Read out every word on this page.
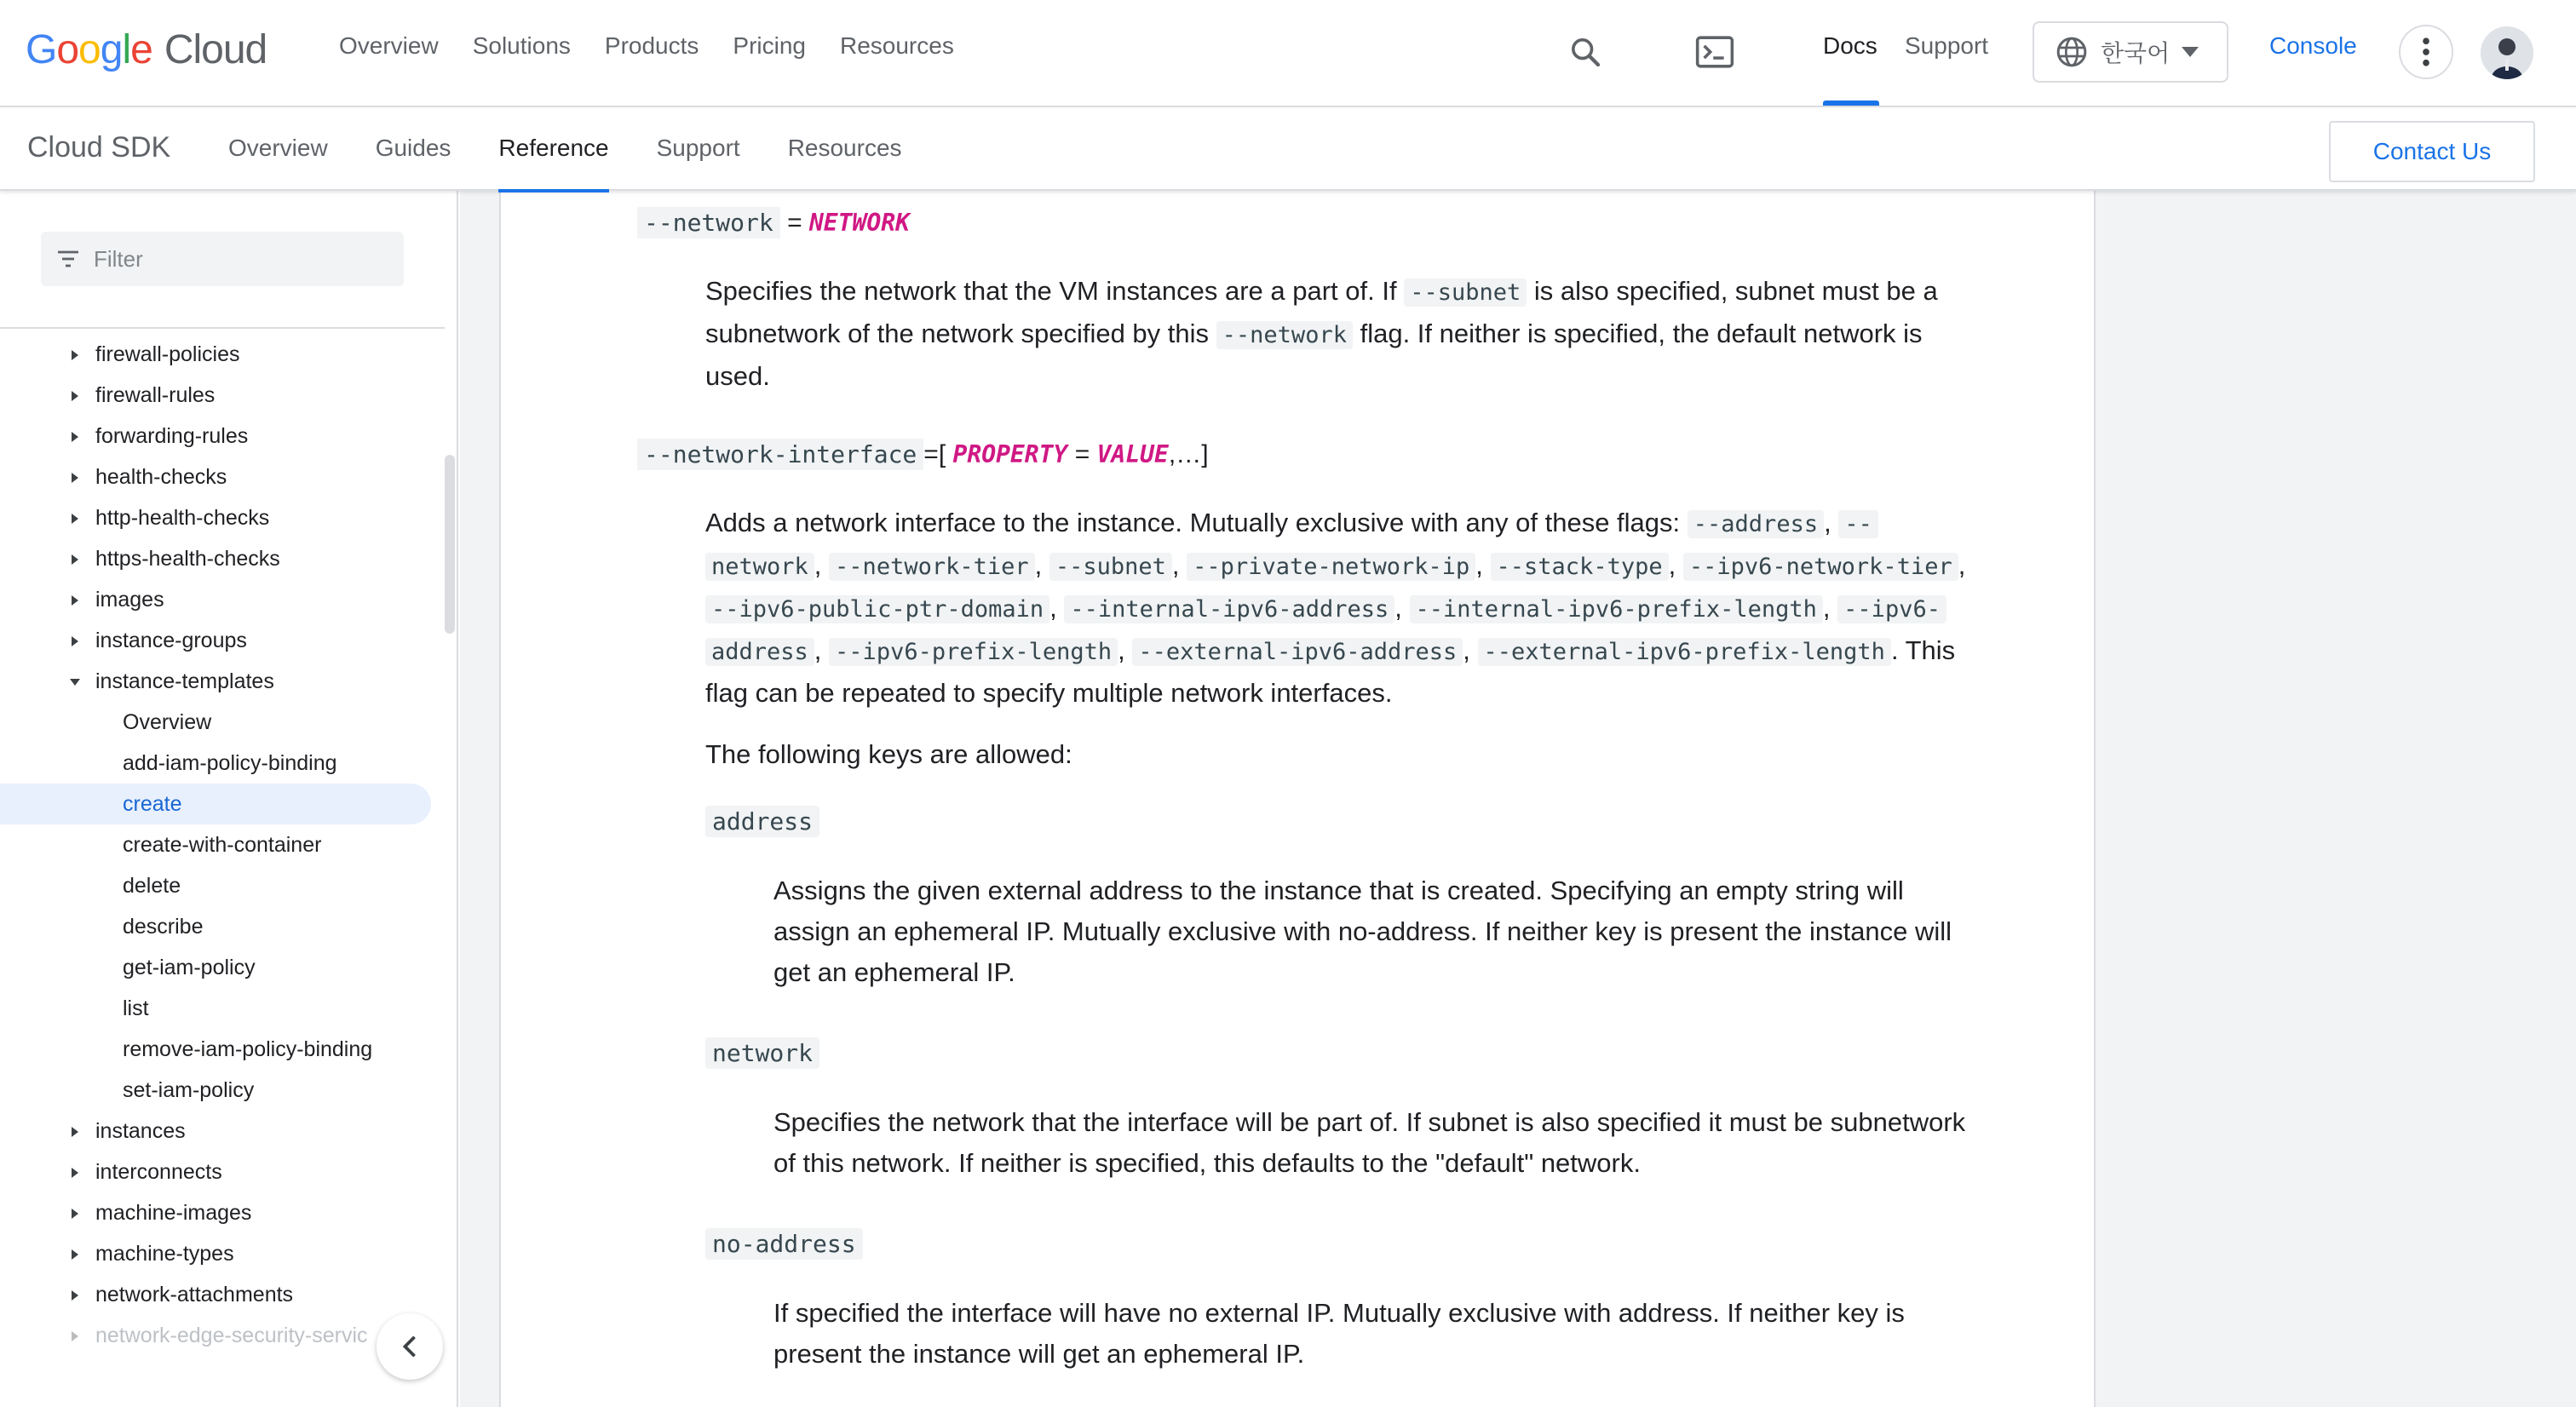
G o o g l e Cloud	Overview Solutions Products Pricing Resources	Docs Support	한국어	Console
Cloud SDK Overview Guides Reference Support Resources	Contact Us
Filter
firewall-policies
firewall-rules
forwarding-rules
health-checks
http-health-checks
https-health-checks
images
instance-groups
instance-templates
Overview
add-iam-policy-binding
create
create-with-container
delete
describe
get-iam-policy
list
remove-iam-policy-binding
set-iam-policy
instances
interconnects
machine-images
machine-types
network-attachments
network-edge-security-servic
--network = NETWORK
Specifies the network that the VM instances are a part of. If --subnet is also specified, subnet must be a
subnetwork of the network specified by this --network flag. If neither is specified, the default network is
used.
--network-interface =[ PROPERTY = VALUE,…]
Adds a network interface to the instance. Mutually exclusive with any of these flags: --address , --
network , --network-tier , --subnet , --private-network-ip , --stack-type , --ipv6-network-tier ,
--ipv6-public-ptr-domain , --internal-ipv6-address , --internal-ipv6-prefix-length , --ipv6-
address , --ipv6-prefix-length , --external-ipv6-address , --external-ipv6-prefix-length . This
flag can be repeated to specify multiple network interfaces.
The following keys are allowed:
address
Assigns the given external address to the instance that is created. Specifying an empty string will
assign an ephemeral IP. Mutually exclusive with no-address. If neither key is present the instance will
get an ephemeral IP.
network
Specifies the network that the interface will be part of. If subnet is also specified it must be subnetwork
of this network. If neither is specified, this defaults to the "default" network.
no-address
If specified the interface will have no external IP. Mutually exclusive with address. If neither key is
present the instance will get an ephemeral IP.
